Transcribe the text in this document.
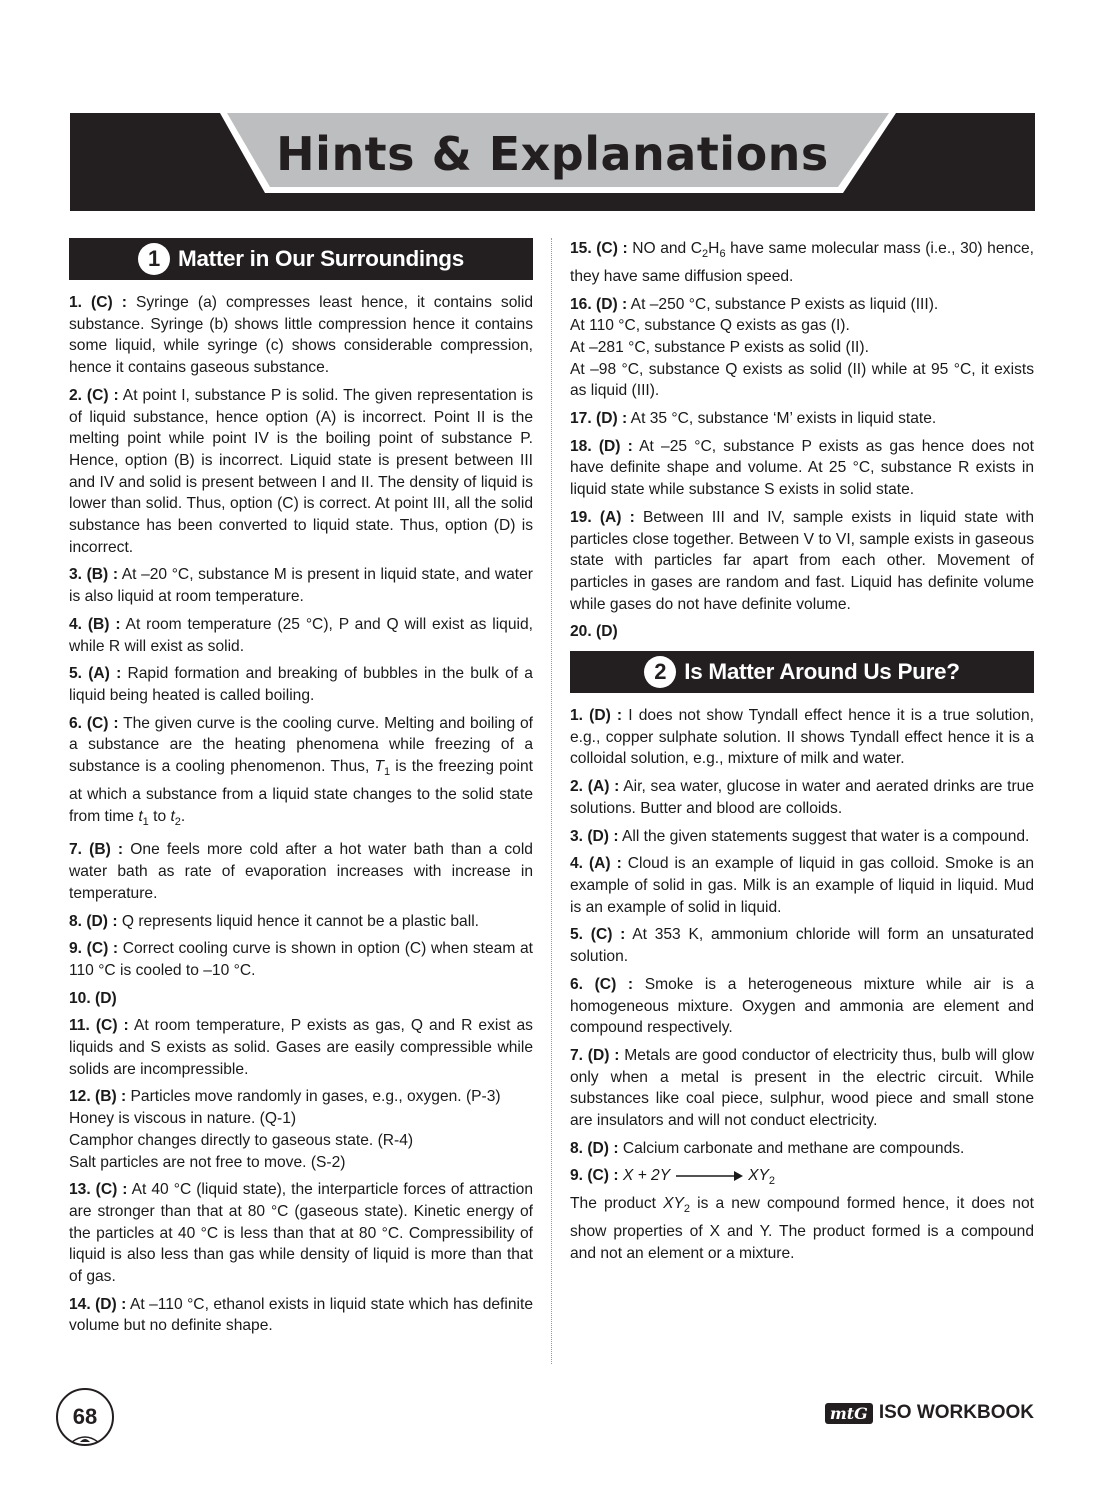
Hints & Explanations
1 Matter in Our Surroundings

1. (C) : Syringe (a) compresses least hence, it contains solid substance. Syringe (b) shows little compression hence it contains some liquid, while syringe (c) shows considerable compression, hence it contains gaseous substance.

2. (C) : At point I, substance P is solid. The given representation is of liquid substance, hence option (A) is incorrect. Point II is the melting point while point IV is the boiling point of substance P. Hence, option (B) is incorrect. Liquid state is present between III and IV and solid is present between I and II. The density of liquid is lower than solid. Thus, option (C) is correct. At point III, all the solid substance has been converted to liquid state. Thus, option (D) is incorrect.

3. (B) : At –20 °C, substance M is present in liquid state, and water is also liquid at room temperature.

4. (B) : At room temperature (25 °C), P and Q will exist as liquid, while R will exist as solid.

5. (A) : Rapid formation and breaking of bubbles in the bulk of a liquid being heated is called boiling.

6. (C) : The given curve is the cooling curve. Melting and boiling of a substance are the heating phenomena while freezing of a substance is a cooling phenomenon. Thus, $T_1$ is the freezing point at which a substance from a liquid state changes to the solid state from time $t_1$ to $t_2$.

7. (B) : One feels more cold after a hot water bath than a cold water bath as rate of evaporation increases with increase in temperature.

8. (D) : Q represents liquid hence it cannot be a plastic ball.

9. (C) : Correct cooling curve is shown in option (C) when steam at 110 °C is cooled to –10 °C.

10. (D)

11. (C) : At room temperature, P exists as gas, Q and R exist as liquids and S exists as solid. Gases are easily compressible while solids are incompressible.

12. (B) : Particles move randomly in gases, e.g., oxygen. (P-3)

Honey is viscous in nature. (Q-1)

Camphor changes directly to gaseous state. (R-4)

Salt particles are not free to move. (S-2)

13. (C) : At 40 °C (liquid state), the interparticle forces of attraction are stronger than that at 80 °C (gaseous state). Kinetic energy of the particles at 40 °C is less than that at 80 °C. Compressibility of liquid is also less than gas while density of liquid is more than that of gas.

14. (D) : At –110 °C, ethanol exists in liquid state which has definite volume but no definite shape.

15. (C) : NO and $C_2H_6$ have same molecular mass (i.e., 30) hence, they have same diffusion speed.

16. (D) : At –250 °C, substance P exists as liquid (III).

At 110 °C, substance Q exists as gas (I).

At –281 °C, substance P exists as solid (II).

At –98 °C, substance Q exists as solid (II) while at 95 °C, it exists as liquid (III).

17. (D) : At 35 °C, substance ‘M’ exists in liquid state.

18. (D) : At –25 °C, substance P exists as gas hence does not have definite shape and volume. At 25 °C, substance R exists in liquid state while substance S exists in solid state.

19. (A) : Between III and IV, sample exists in liquid state with particles close together. Between V to VI, sample exists in gaseous state with particles far apart from each other. Movement of particles in gases are random and fast. Liquid has definite volume while gases do not have definite volume.

20. (D)

2 Is Matter Around Us Pure?

1. (D) : I does not show Tyndall effect hence it is a true solution, e.g., copper sulphate solution. II shows Tyndall effect hence it is a colloidal solution, e.g., mixture of milk and water.

2. (A) : Air, sea water, glucose in water and aerated drinks are true solutions. Butter and blood are colloids.

3. (D) : All the given statements suggest that water is a compound.

4. (A) : Cloud is an example of liquid in gas colloid. Smoke is an example of solid in gas. Milk is an example of liquid in liquid. Mud is an example of solid in liquid.

5. (C) : At 353 K, ammonium chloride will form an unsaturated solution.

6. (C) : Smoke is a heterogeneous mixture while air is a homogeneous mixture. Oxygen and ammonia are element and compound respectively.

7. (D) : Metals are good conductor of electricity thus, bulb will glow only when a metal is present in the electric circuit. While substances like coal piece, sulphur, wood piece and small stone are insulators and will not conduct electricity.

8. (D) : Calcium carbonate and methane are compounds.

9. (C) : X + 2Y	$XY_2$

The product $XY_2$ is a new compound formed hence, it does not show properties of X and Y. The product formed is a compound and not an element or a mixture.

68	mtG ISO WORKBOOK
